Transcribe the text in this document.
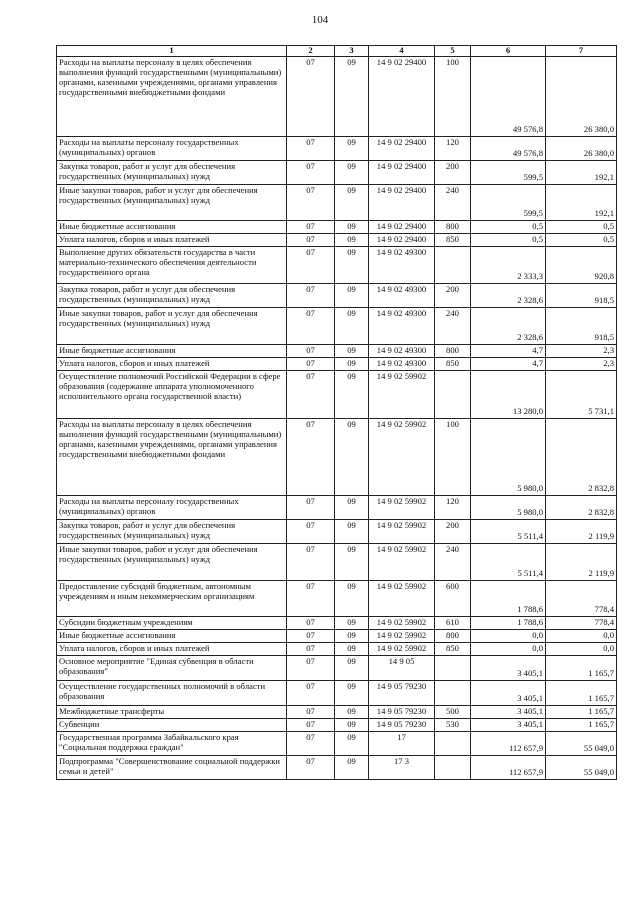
104
1	2	3	4	5	6	7
Расходы на выплаты персоналу в целях обеспечения выполнения функций государственными (муниципальными) органами, казенными учреждениями, органами управления государственными внебюджетными фондами	07	09	14 9 02 29400	100	49 576,8	26 380,0
Расходы на выплаты персоналу государственных (муниципальных) органов	07	09	14 9 02 29400	120	49 576,8	26 380,0
Закупка товаров, работ и услуг для обеспечения государственных (муниципальных) нужд	07	09	14 9 02 29400	200	599,5	192,1
Иные закупки товаров, работ и услуг для обеспечения государственных (муниципальных) нужд	07	09	14 9 02 29400	240	599,5	192,1
Иные бюджетные ассигнования	07	09	14 9 02 29400	800	0,5	0,5
Уплата налогов, сборов и иных платежей	07	09	14 9 02 29400	850	0,5	0,5
Выполнение других обязательств государства в части материально-технического обеспечения деятельности государственного органа	07	09	14 9 02 49300		2 333,3	920,8
Закупка товаров, работ и услуг для обеспечения государственных (муниципальных) нужд	07	09	14 9 02 49300	200	2 328,6	918,5
Иные закупки товаров, работ и услуг для обеспечения государственных (муниципальных) нужд	07	09	14 9 02 49300	240	2 328,6	918,5
Иные бюджетные ассигнования	07	09	14 9 02 49300	800	4,7	2,3
Уплата налогов, сборов и иных платежей	07	09	14 9 02 49300	850	4,7	2,3
Осуществление полномочий Российской Федерации в сфере образования (содержание аппарата уполномоченного исполнительного органа государственной власти)	07	09	14 9 02 59902		13 280,0	5 731,1
Расходы на выплаты персоналу в целях обеспечения выполнения функций государственными (муниципальными) органами, казенными учреждениями, органами управления государственными внебюджетными фондами	07	09	14 9 02 59902	100	5 980,0	2 832,8
Расходы на выплаты персоналу государственных (муниципальных) органов	07	09	14 9 02 59902	120	5 980,0	2 832,8
Закупка товаров, работ и услуг для обеспечения государственных (муниципальных) нужд	07	09	14 9 02 59902	200	5 511,4	2 119,9
Иные закупки товаров, работ и услуг для обеспечения государственных (муниципальных) нужд	07	09	14 9 02 59902	240	5 511,4	2 119,9
Предоставление субсидий бюджетным, автономным учреждениям и иным некоммерческим организациям	07	09	14 9 02 59902	600	1 788,6	778,4
Субсидии бюджетным учреждениям	07	09	14 9 02 59902	610	1 788,6	778,4
Иные бюджетные ассигнования	07	09	14 9 02 59902	800	0,0	0,0
Уплата налогов, сборов и иных платежей	07	09	14 9 02 59902	850	0,0	0,0
Основное мероприятие "Единая субвенция в области образования"	07	09	14 9 05		3 405,1	1 165,7
Осуществление государственных полномочий в области образования	07	09	14 9 05 79230		3 405,1	1 165,7
Межбюджетные трансферты	07	09	14 9 05 79230	500	3 405,1	1 165,7
Субвенции	07	09	14 9 05 79230	530	3 405,1	1 165,7
Государственная программа Забайкальского края "Социальная поддержка граждан"	07	09	17		112 657,9	55 049,0
Подпрограмма "Совершенствование социальной поддержки семьи и детей"	07	09	17 3		112 657,9	55 049,0
